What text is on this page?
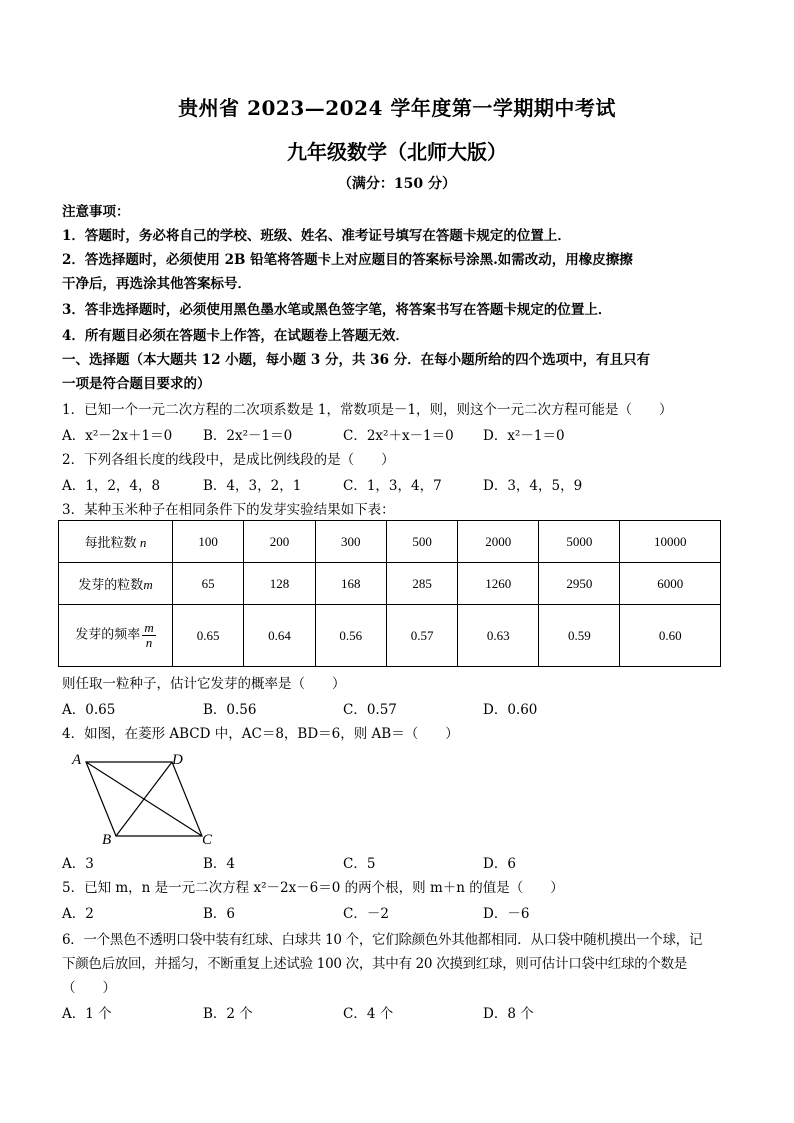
贵州省 2023—2024 学年度第一学期期中考试
九年级数学（北师大版）
（满分：150 分）
注意事项：
1．答题时，务必将自己的学校、班级、姓名、准考证号填写在答题卡规定的位置上．
2．答选择题时，必须使用 2B 铅笔将答题卡上对应题目的答案标号涂黑.如需改动，用橡皮擦擦
干净后，再选涂其他答案标号．
3．答非选择题时，必须使用黑色墨水笔或黑色签字笔，将答案书写在答题卡规定的位置上．
4．所有题目必须在答题卡上作答，在试题卷上答题无效．
一、选择题（本大题共 12 小题，每小题 3 分，共 36 分．在每小题所给的四个选项中，有且只有
一项是符合题目要求的）
1．已知一个一元二次方程的二次项系数是 1，常数项是－1，则，则这个一元二次方程可能是（　　）
A．x²－2x＋1＝0 B．2x²－1＝0	C．2x²＋x－1＝0 D．x²－1＝0
2．下列各组长度的线段中，是成比例线段的是（　　）
A．1，2，4，8	B．4，3，2，1	C．1，3，4，7	D．3，4，5，9
3．某种玉米种子在相同条件下的发芽实验结果如下表：
每批粒数 n	100	200	300	500	2000	5000	10000
发芽的粒数m	65	128	168	285	1260	2950	6000
发芽的频率 $\frac{m}{n}$	0.65	0.64	0.56	0.57	0.63	0.59	0.60
则任取一粒种子，估计它发芽的概率是（　　）
A．0.65	B．0.56	C．0.57	D．0.60
4．如图，在菱形 ABCD 中，AC＝8，BD＝6，则 AB＝（　　）
A
B	C
D
A．3	B．4	C．5	D．6
5．已知 m，n 是一元二次方程 x²－2x－6＝0 的两个根，则 m＋n 的值是（　　）
A．2	B．6	C．－2	D．－6
6．一个黑色不透明口袋中装有红球、白球共 10 个，它们除颜色外其他都相同．从口袋中随机摸出一个球，记
下颜色后放回，并摇匀，不断重复上述试验 100 次，其中有 20 次摸到红球，则可估计口袋中红球的个数是
（　　）
A．1 个	B．2 个	C．4 个	D．8 个
